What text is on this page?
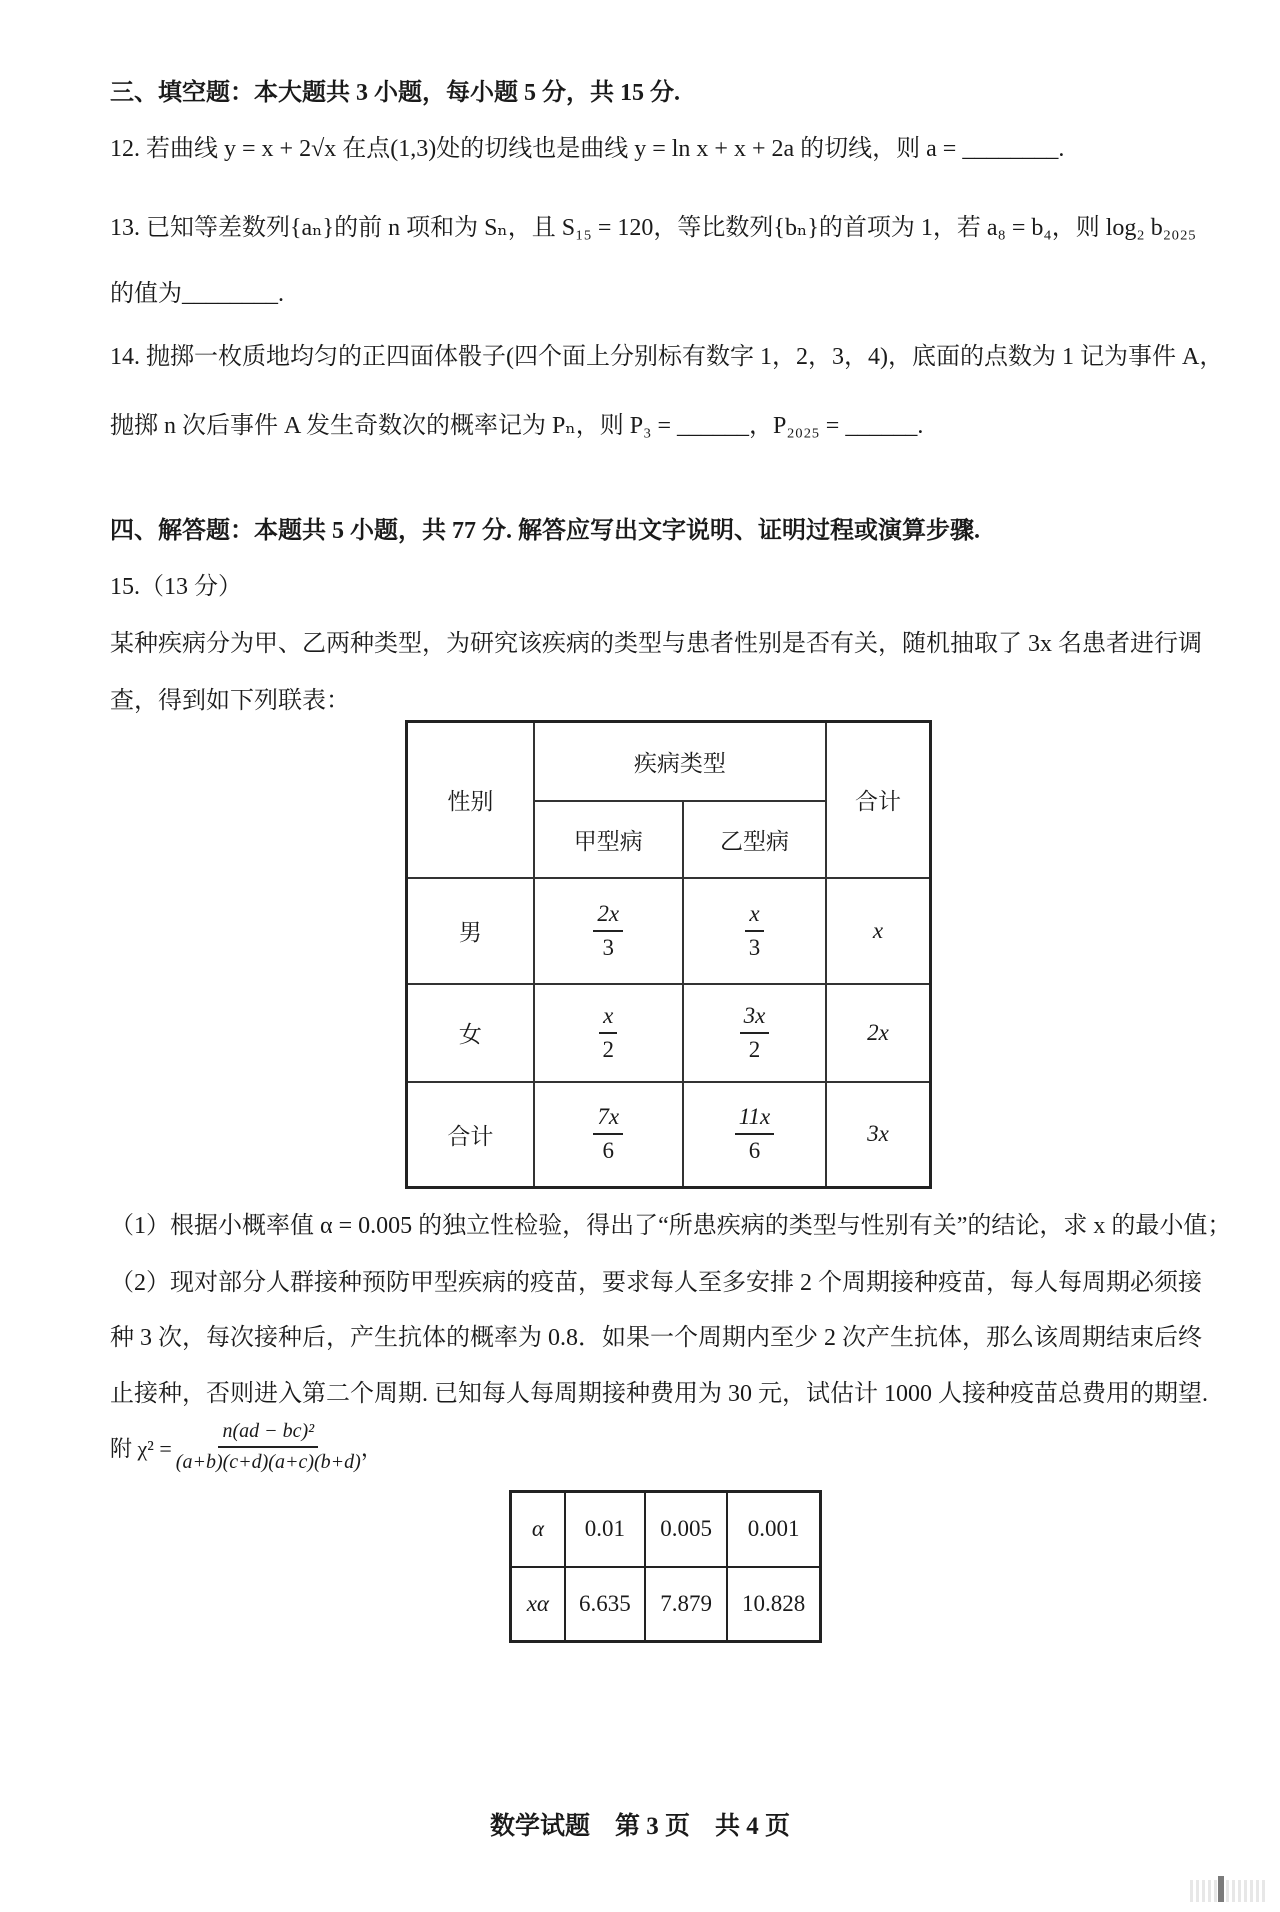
三、填空题：本大题共 3 小题，每小题 5 分，共 15 分.
12. 若曲线 y = x + 2√x 在点(1,3)处的切线也是曲线 y = ln x + x + 2a 的切线，则 a = ________.
13. 已知等差数列{aₙ}的前 n 项和为 Sₙ，且 S₁₅ = 120，等比数列{bₙ}的首项为 1，若 a₈ = b₄，则 log₂ b₂₀₂₅
的值为________.
14. 抛掷一枚质地均匀的正四面体骰子(四个面上分别标有数字 1，2，3，4)，底面的点数为 1 记为事件 A，
抛掷 n 次后事件 A 发生奇数次的概率记为 Pₙ，则 P₃ = ______，P₂₀₂₅ = ______.
四、解答题：本题共 5 小题，共 77 分. 解答应写出文字说明、证明过程或演算步骤.
15.（13 分）
某种疾病分为甲、乙两种类型，为研究该疾病的类型与患者性别是否有关，随机抽取了 3x 名患者进行调
查，得到如下列联表：
性别	疾病类型		合计
	甲型病	乙型病	
男	$\frac{2x}{3}$	$\frac{x}{3}$	x
女	$\frac{x}{2}$	$\frac{3x}{2}$	2x
合计	$\frac{7x}{6}$	$\frac{11x}{6}$	3x
（1）根据小概率值 α = 0.005 的独立性检验，得出了“所患疾病的类型与性别有关”的结论，求 x 的最小值；
（2）现对部分人群接种预防甲型疾病的疫苗，要求每人至多安排 2 个周期接种疫苗，每人每周期必须接
种 3 次，每次接种后，产生抗体的概率为 0.8．如果一个周期内至少 2 次产生抗体，那么该周期结束后终
止接种，否则进入第二个周期. 已知每人每周期接种费用为 30 元，试估计 1000 人接种疫苗总费用的期望.
附 $\chi^2 = \frac{\text{n(ad − bc)²}}{(a+b)(c+d)(a+c)(b+d)}$ ，
α	0.01	0.005	0.001
xα	6.635	7.879	10.828
数学试题　第 3 页　共 4 页
